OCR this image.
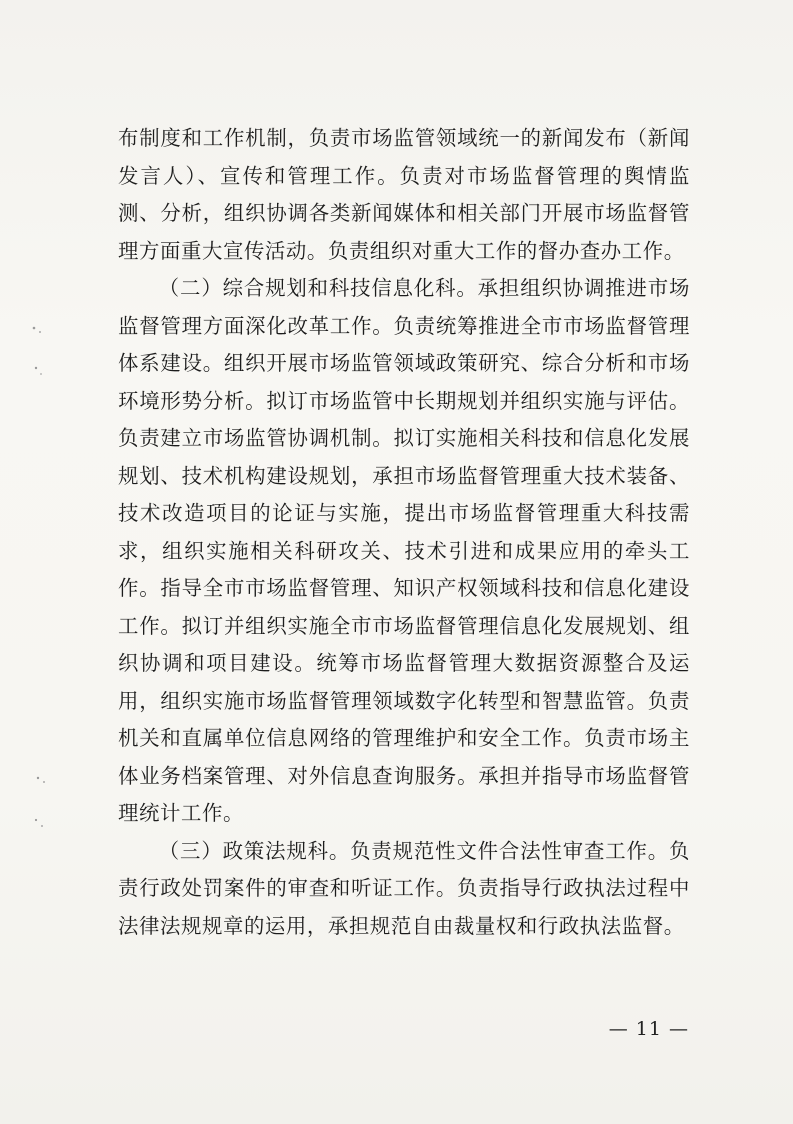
布制度和工作机制，负责市场监管领域统一的新闻发布（新闻发言人）、宣传和管理工作。负责对市场监督管理的舆情监测、分析，组织协调各类新闻媒体和相关部门开展市场监督管理方面重大宣传活动。负责组织对重大工作的督办查办工作。

（二）综合规划和科技信息化科。承担组织协调推进市场监督管理方面深化改革工作。负责统筹推进全市市场监督管理体系建设。组织开展市场监管领域政策研究、综合分析和市场环境形势分析。拟订市场监管中长期规划并组织实施与评估。负责建立市场监管协调机制。拟订实施相关科技和信息化发展规划、技术机构建设规划，承担市场监督管理重大技术装备、技术改造项目的论证与实施，提出市场监督管理重大科技需求，组织实施相关科研攻关、技术引进和成果应用的牵头工作。指导全市市场监督管理、知识产权领域科技和信息化建设工作。拟订并组织实施全市市场监督管理信息化发展规划、组织协调和项目建设。统筹市场监督管理大数据资源整合及运用，组织实施市场监督管理领域数字化转型和智慧监管。负责机关和直属单位信息网络的管理维护和安全工作。负责市场主体业务档案管理、对外信息查询服务。承担并指导市场监督管理统计工作。

（三）政策法规科。负责规范性文件合法性审查工作。负责行政处罚案件的审查和听证工作。负责指导行政执法过程中法律法规规章的运用，承担规范自由裁量权和行政执法监督。

— 11 —
